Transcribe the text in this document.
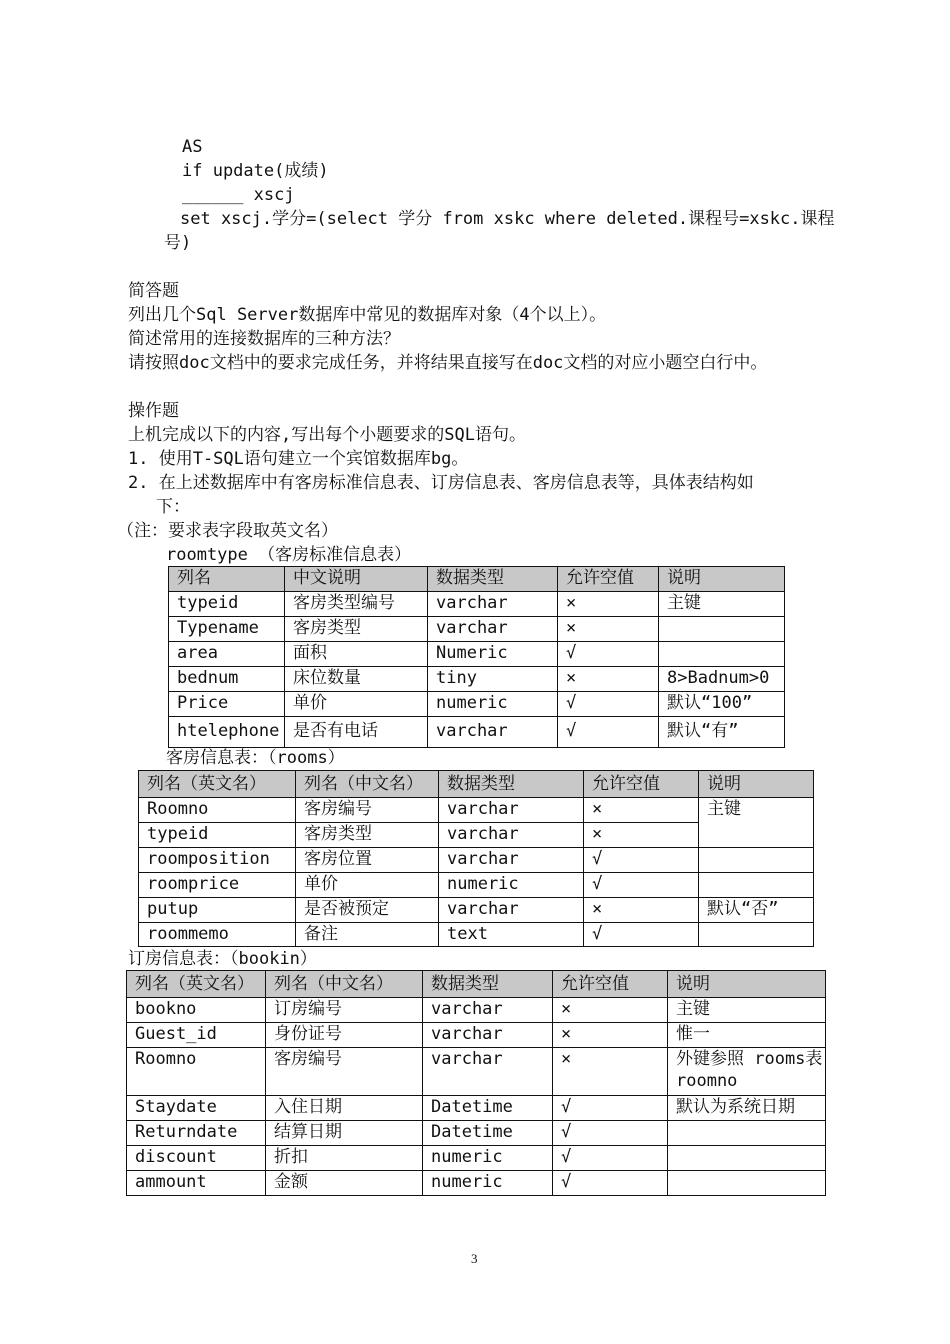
AS
if update(成绩)
______ xscj
set xscj.学分=(select 学分 from xskc where deleted.课程号=xskc.课程
号)
简答题
列出几个Sql Server数据库中常见的数据库对象（4个以上）。
简述常用的连接数据库的三种方法？
请按照doc文档中的要求完成任务，并将结果直接写在doc文档的对应小题空白行中。
操作题
上机完成以下的内容,写出每个小题要求的SQL语句。
1. 使用T-SQL语句建立一个宾馆数据库bg。
2. 在上述数据库中有客房标准信息表、订房信息表、客房信息表等，具体表结构如
下：
（注：要求表字段取英文名）
roomtype （客房标准信息表）
列名	中文说明	数据类型	允许空值	说明
typeid	客房类型编号	varchar	×	主键
Typename	客房类型	varchar	×	
area	面积	Numeric	√	
bednum	床位数量	tiny	×	8>Badnum>0
Price	单价	numeric	√	默认“100”
htelephone	是否有电话	varchar	√	默认“有”
客房信息表：（rooms）
列名（英文名）	列名（中文名）	数据类型	允许空值	说明
Roomno	客房编号	varchar	×	主键
typeid	客房类型	varchar	×	
roomposition	客房位置	varchar	√	
roomprice	单价	numeric	√	
putup	是否被预定	varchar	×	默认“否”
roommemo	备注	text	√	
订房信息表：（bookin）
列名（英文名）	列名（中文名）	数据类型	允许空值	说明
bookno	订房编号	varchar	×	主键
Guest_id	身份证号	varchar	×	惟一
Roomno	客房编号	varchar	×	外键参照 rooms表roomno
Staydate	入住日期	Datetime	√	默认为系统日期
Returndate	结算日期	Datetime	√	
discount	折扣	numeric	√	
ammount	金额	numeric	√	
3
